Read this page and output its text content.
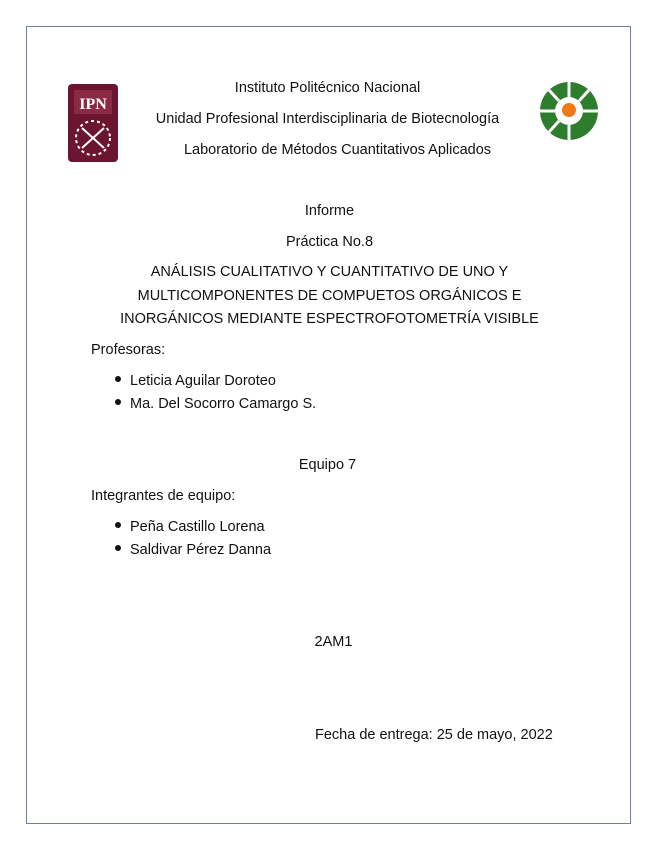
IPN
Instituto Politécnico Nacional
Unidad Profesional Interdisciplinaria de Biotecnología
Laboratorio de Métodos Cuantitativos Aplicados
Informe
Práctica No.8
ANÁLISIS CUALITATIVO Y CUANTITATIVO DE UNO Y
MULTICOMPONENTES DE COMPUETOS ORGÁNICOS E
INORGÁNICOS MEDIANTE ESPECTROFOTOMETRÍA VISIBLE
Profesoras:
Leticia Aguilar Doroteo
Ma. Del Socorro Camargo S.
Equipo 7
Integrantes de equipo:
Peña Castillo Lorena
Saldivar Pérez Danna
2AM1
Fecha de entrega: 25 de mayo, 2022
